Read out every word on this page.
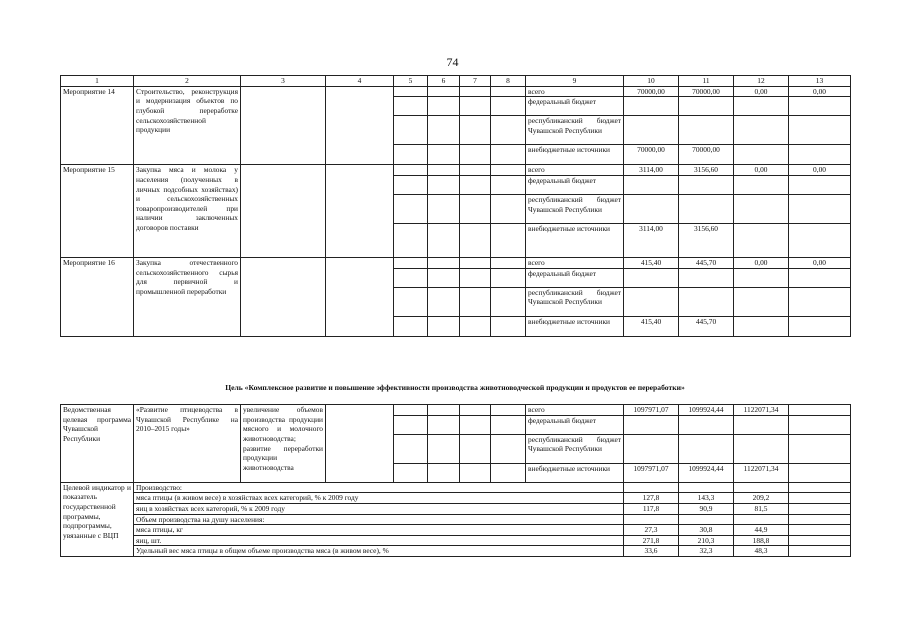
74
1	2	3	4	5	6	7	8	9	10	11	12	13
Мероприятие 14	Строительство, реконструкция и модернизация объектов по глубокой переработке сельскохозяйственной продукции							всего	70000,00	70000,00	0,00	0,00
								федеральный бюджет				
								республиканский бюджет Чувашской Республики				
								внебюджетные источники	70000,00	70000,00		
Мероприятие 15	Закупка мяса и молока у населения (полученных в личных подсобных хозяйствах) и сельскохозяйственных товаропроизводителей при наличии заключенных договоров поставки							всего	3114,00	3156,60	0,00	0,00
								федеральный бюджет				
								республиканский бюджет Чувашской Республики				
								внебюджетные источники	3114,00	3156,60		
Мероприятие 16	Закупка отечественного сельскохозяйственного сырья для первичной и промышленной переработки							всего	415,40	445,70	0,00	0,00
								федеральный бюджет				
								республиканский бюджет Чувашской Республики				
								внебюджетные источники	415,40	445,70		
Цель «Комплексное развитие и повышение эффективности производства животноводческой продукции и продуктов ее переработки»
Ведомственная целевая программа Чувашской Республики	«Развитие птицеводства в Чувашской Республике на 2010–2015 годы»	увеличение объемов производства продукции мясного и молочного животноводства; развитие переработки продукции животноводства						всего	1097971,07	1099924,44	1122071,34	
								федеральный бюджет				
								республиканский бюджет Чувашской Республики				
								внебюджетные источники	1097971,07	1099924,44	1122071,34	
Целевой индикатор и показатель государственной программы, подпрограммы, увязанные с ВЦП	Производство:											
	мяса птицы (в живом весе) в хозяйствах всех категорий, % к 2009 году								127,8	143,3	209,2	
	яиц в хозяйствах всех категорий, % к 2009 году								117,8	90,9	81,5	
	Объем производства на душу населения:											
	мяса птицы, кг								27,3	30,8	44,9	
	яиц, шт.								271,8	210,3	188,8	
	Удельный вес мяса птицы в общем объеме производства мяса (в живом весе), %								33,6	32,3	48,3	
